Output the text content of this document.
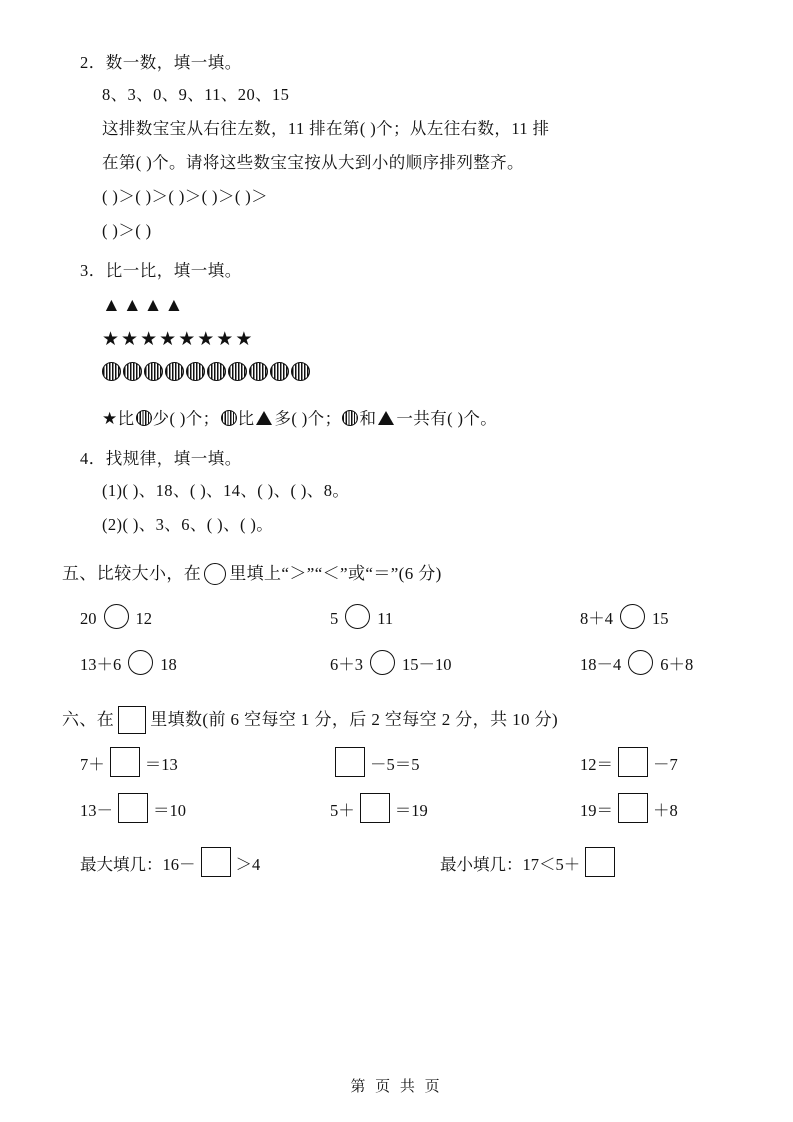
2．数一数，填一填。
8、3、0、9、11、20、15
这排数宝宝从右往左数，11 排在第( )个；从左往右数，11 排
在第( )个。请将这些数宝宝按从大到小的顺序排列整齐。
( )＞( )＞( )＞( )＞( )＞
( )＞( )
3．比一比，填一填。
▲▲▲▲
★★★★★★★★
★比 少( )个； 比 多( )个； 和 一共有( )个。
4．找规律，填一填。
(1)( )、18、( )、14、( )、( )、8。
(2)( )、3、6、( )、( )。
五、比较大小，在 里填上“＞”“＜”或“＝”(6 分)
20 12	5 11	8＋4 15
13＋6 18	6＋3 15－10	18－4 6＋8
六、在 里填数(前 6 空每空 1 分，后 2 空每空 2 分，共 10 分)
7＋ ＝13	－5＝5	12＝ －7
13－ ＝10	5＋ ＝19	19＝ ＋8
最大填几：16－ ＞4	最小填几：17＜5＋
第 页 共 页
